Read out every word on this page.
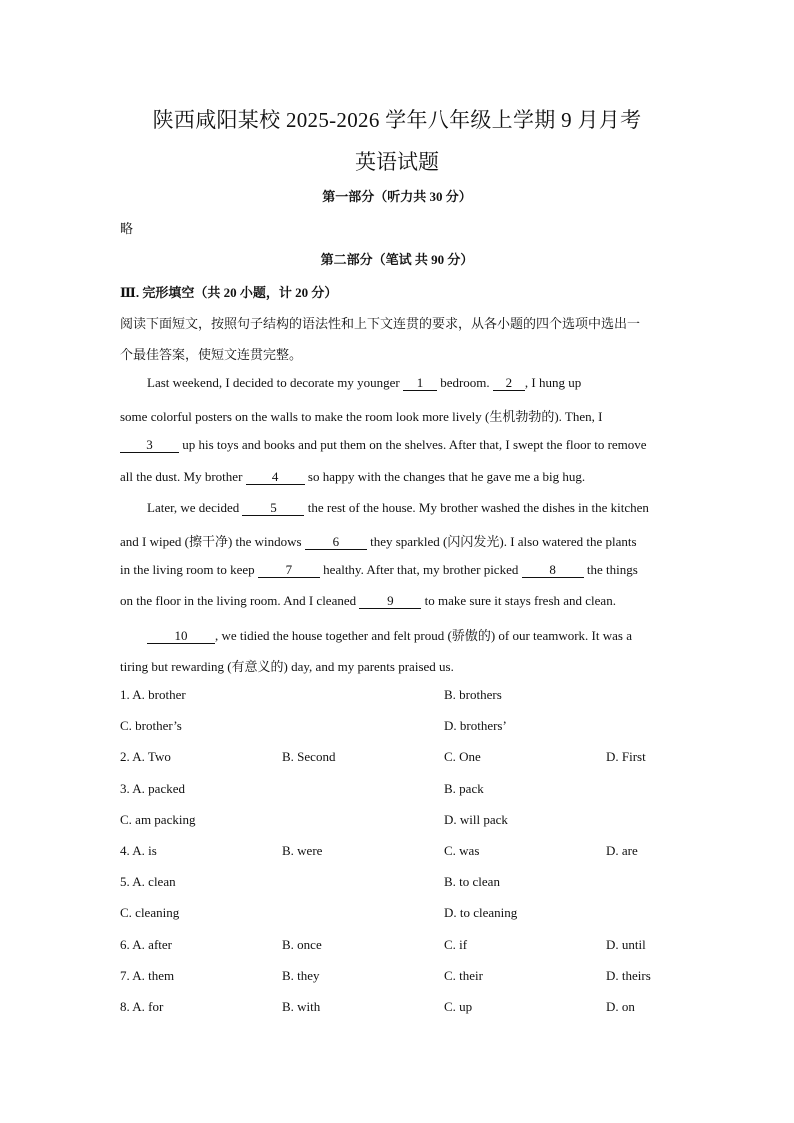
陕西咸阳某校 2025-2026 学年八年级上学期 9 月月考
英语试题
第一部分（听力共 30 分）
略
第二部分（笔试 共 90 分）
Ⅲ. 完形填空（共 20 小题，计 20 分）
阅读下面短文，按照句子结构的语法性和上下文连贯的要求，从各小题的四个选项中选出一
个最佳答案，使短文连贯完整。
Last weekend, I decided to decorate my younger 1 bedroom. 2 , I hung up
some colorful posters on the walls to make the room look more lively (生机勃勃的). Then, I
3 up his toys and books and put them on the shelves. After that, I swept the floor to remove
all the dust. My brother 4 so happy with the changes that he gave me a big hug.
Later, we decided 5 the rest of the house. My brother washed the dishes in the kitchen
and I wiped (擦干净) the windows 6 they sparkled (闪闪发光). I also watered the plants
in the living room to keep 7 healthy. After that, my brother picked 8 the things
on the floor in the living room. And I cleaned 9 to make sure it stays fresh and clean.
10 , we tidied the house together and felt proud (骄傲的) of our teamwork. It was a
tiring but rewarding (有意义的) day, and my parents praised us.
1. A. brother	B. brothers
C. brother’s	D. brothers’
2. A. Two	B. Second	C. One	D. First
3. A. packed	B. pack
C. am packing	D. will pack
4. A. is	B. were	C. was	D. are
5. A. clean	B. to clean
C. cleaning	D. to cleaning
6. A. after	B. once	C. if	D. until
7. A. them	B. they	C. their	D. theirs
8. A. for	B. with	C. up	D. on
